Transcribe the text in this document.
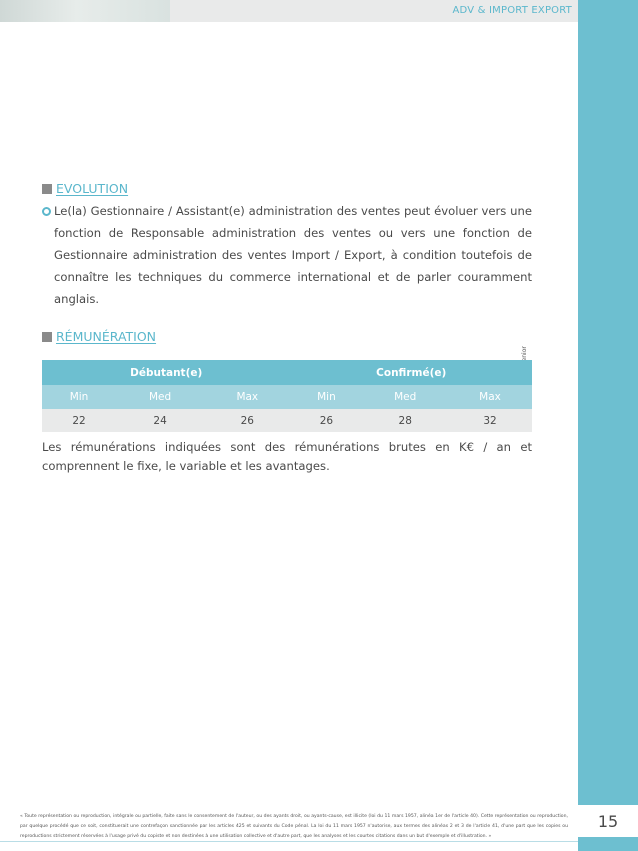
ADV & IMPORT EXPORT
15
EVOLUTION
Le(la) Gestionnaire / Assistant(e) administration des ventes peut évoluer vers une fonction de Responsable administration des ventes ou vers une fonction de Gestionnaire administration des ventes Import / Export, à condition toutefois de connaître les techniques du commerce international et de parler couramment anglais.
RÉMUNÉRATION
Débutant(e)			Confirmé(e)		
Min	Med	Max	Min	Med	Max
22	24	26	26	28	32
Les rémunérations indiquées sont des rémunérations brutes en K€ / an et comprennent le fixe, le variable et les avantages.
« Toute représentation ou reproduction, intégrale ou partielle, faite sans le consentement de l'auteur, ou des ayants droit, ou ayants-cause, est illicite (loi du 11 mars 1957, alinéa 1er de l'article 40). Cette représentation ou reproduction, par quelque procédé que ce soit, constituerait une contrefaçon sanctionnée par les articles 425 et suivants du Code pénal. La loi du 11 mars 1957 n'autorise, aux termes des alinéas 2 et 3 de l'article 41, d'une part que les copies ou reproductions strictement réservées à l'usage privé du copiste et non destinées à une utilisation collective et d'autre part, que les analyses et les courtes citations dans un but d'exemple et d'illustration. »
